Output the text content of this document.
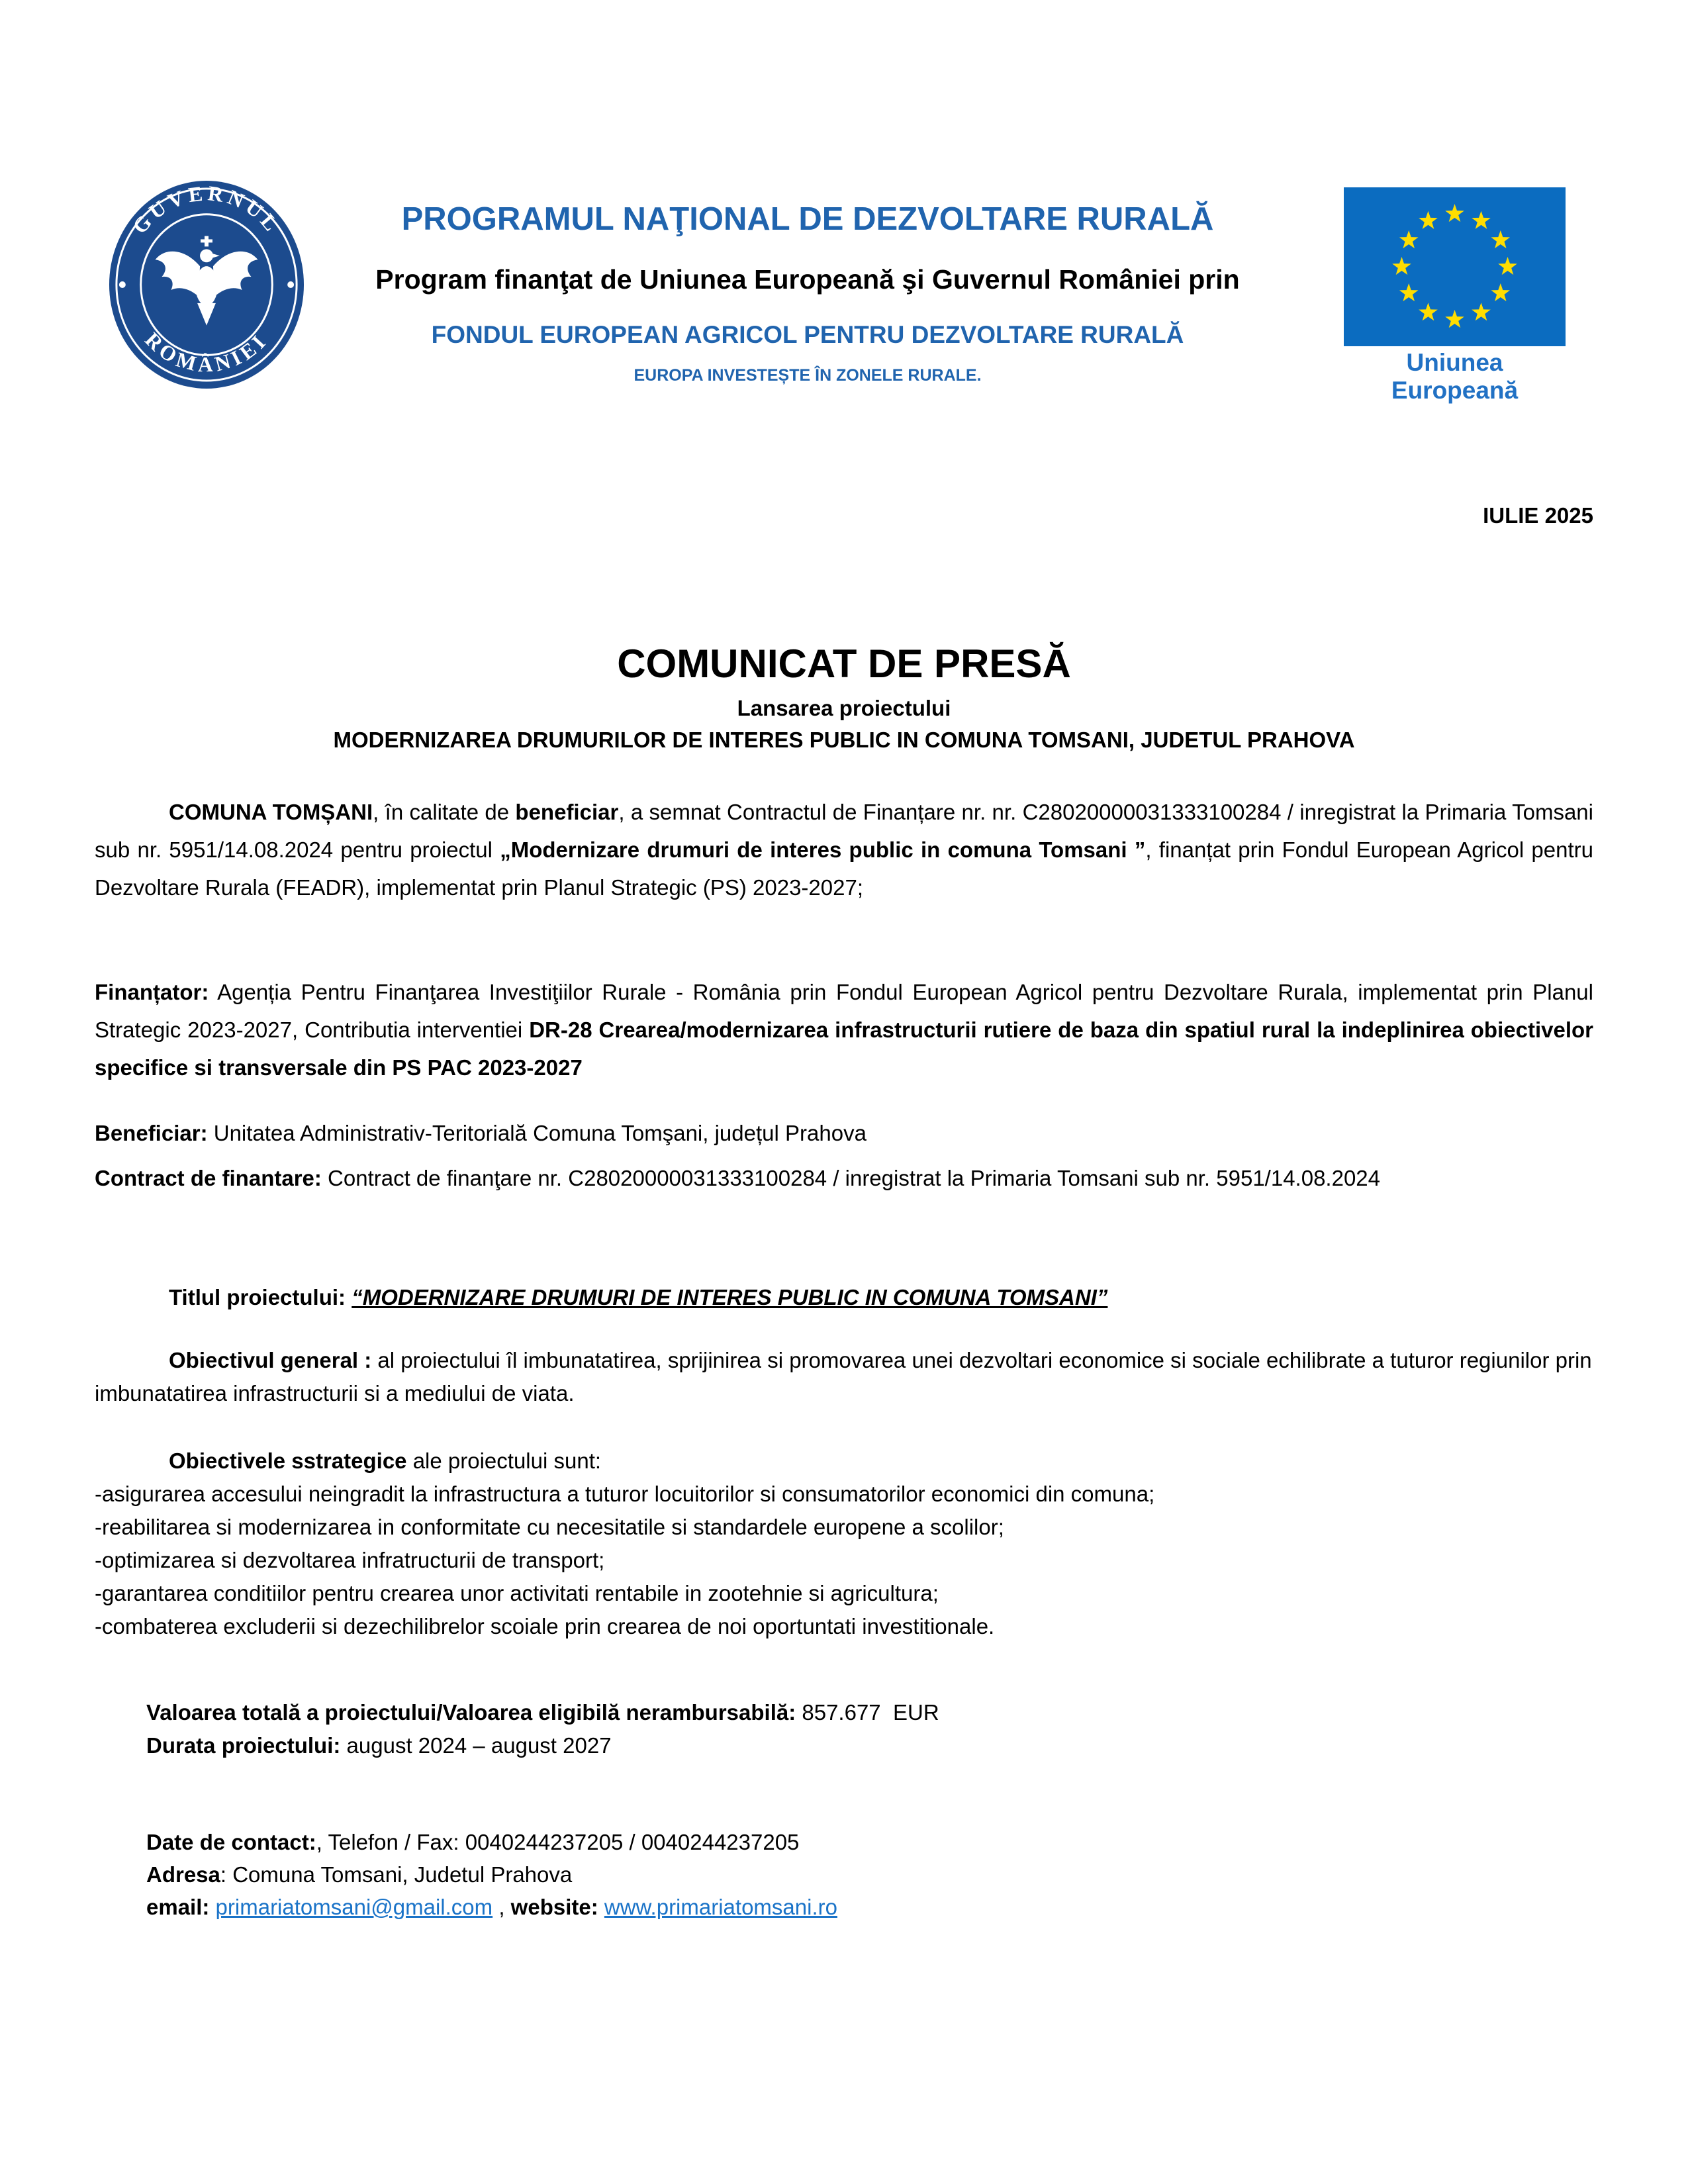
GUVERNUL
ROMÂNIEI
PROGRAMUL NAŢIONAL DE DEZVOLTARE RURALĂ
Program finanţat de Uniunea Europeană şi Guvernul României prin
FONDUL EUROPEAN AGRICOL PENTRU DEZVOLTARE RURALĂ
EUROPA INVESTEȘTE ÎN ZONELE RURALE.	Uniunea Europeană
IULIE 2025
COMUNICAT DE PRESĂ

Lansarea proiectului

MODERNIZAREA DRUMURILOR DE INTERES PUBLIC IN COMUNA TOMSANI, JUDETUL PRAHOVA

COMUNA TOMȘANI, în calitate de beneficiar, a semnat Contractul de Finanțare nr. nr. C28020000031333100284 / inregistrat la Primaria Tomsani sub nr. 5951/14.08.2024 pentru proiectul „Modernizare drumuri de interes public in comuna Tomsani ”, finanțat prin Fondul European Agricol pentru Dezvoltare Rurala (FEADR), implementat prin Planul Strategic (PS) 2023-2027;

Finanțator: Agenția Pentru Finanţarea Investiţiilor Rurale - România prin Fondul European Agricol pentru Dezvoltare Rurala, implementat prin Planul Strategic 2023-2027, Contributia interventiei DR-28 Crearea/modernizarea infrastructurii rutiere de baza din spatiul rural la indeplinirea obiectivelor specifice si transversale din PS PAC 2023-2027

Beneficiar: Unitatea Administrativ-Teritorială Comuna Tomşani, județul Prahova

Contract de finantare: Contract de finanţare nr. C28020000031333100284 / inregistrat la Primaria Tomsani sub nr. 5951/14.08.2024

Titlul proiectului: “MODERNIZARE DRUMURI DE INTERES PUBLIC IN COMUNA TOMSANI”

Obiectivul general : al proiectului îl imbunatatirea, sprijinirea si promovarea unei dezvoltari economice si sociale echilibrate a tuturor regiunilor prin imbunatatirea infrastructurii si a mediului de viata.

Obiectivele sstrategice ale proiectului sunt:

-asigurarea accesului neingradit la infrastructura a tuturor locuitorilor si consumatorilor economici din comuna;

-reabilitarea si modernizarea in conformitate cu necesitatile si standardele europene a scolilor;

-optimizarea si dezvoltarea infratructurii de transport;

-garantarea conditiilor pentru crearea unor activitati rentabile in zootehnie si agricultura;

-combaterea excluderii si dezechilibrelor scoiale prin crearea de noi oportuntati investitionale.

Valoarea totală a proiectului/Valoarea eligibilă nerambursabilă: 857.677  EUR

Durata proiectului: august 2024 – august 2027

Date de contact:, Telefon / Fax: 0040244237205 / 0040244237205

Adresa: Comuna Tomsani, Judetul Prahova

email: primariatomsani@gmail.com , website: www.primariatomsani.ro
